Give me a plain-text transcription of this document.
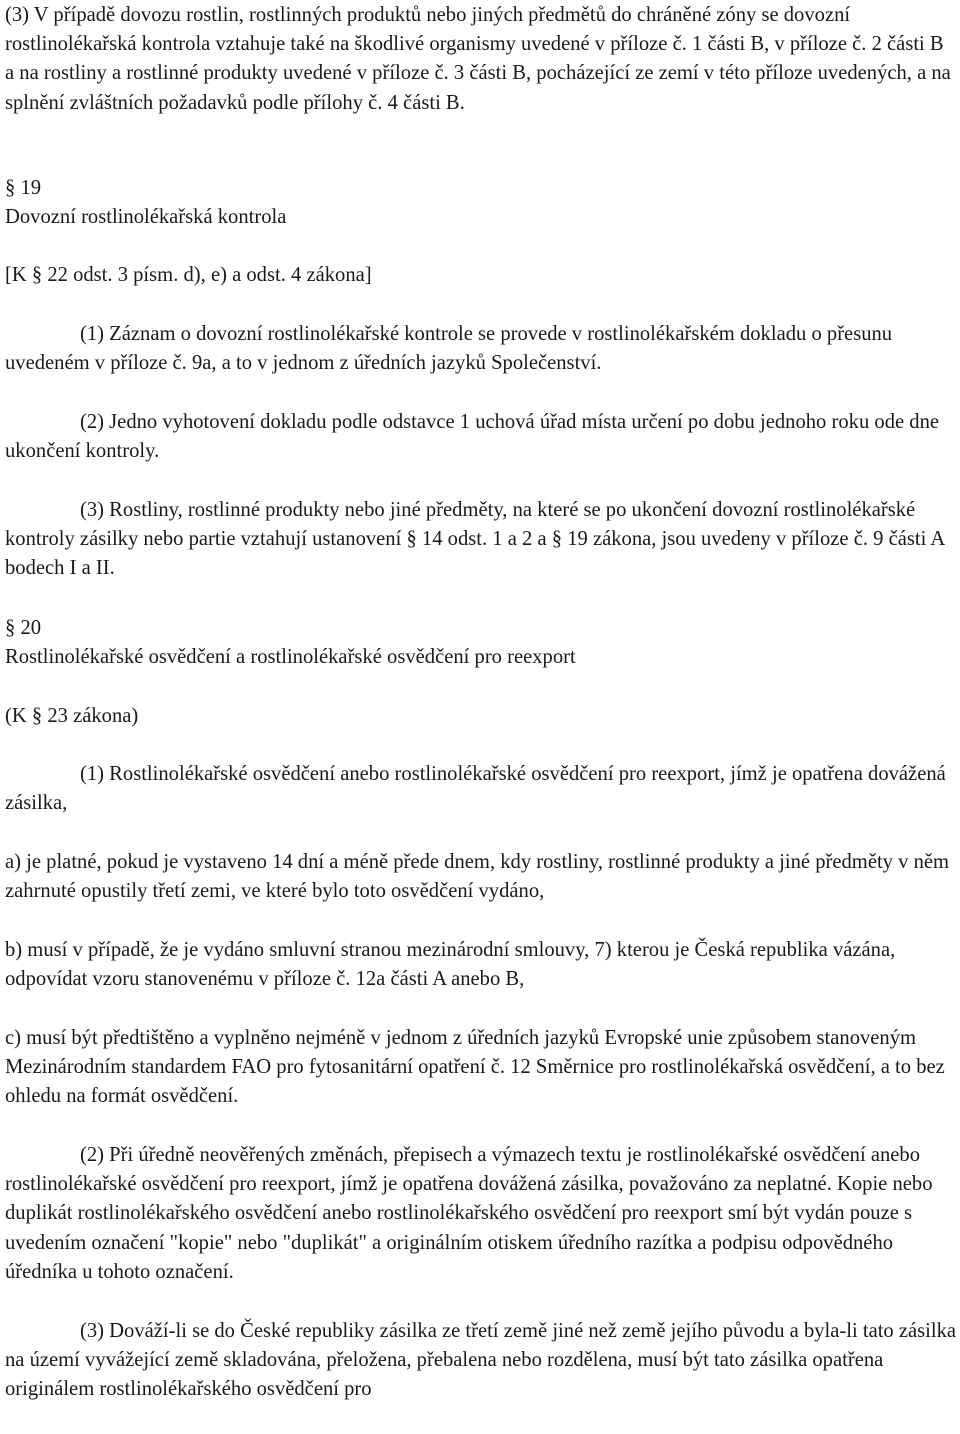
(3) V případě dovozu rostlin, rostlinných produktů nebo jiných předmětů do chráněné zóny se dovozní rostlinolékařská kontrola vztahuje také na škodlivé organismy uvedené v příloze č. 1 části B, v příloze č. 2 části B a na rostliny a rostlinné produkty uvedené v příloze č. 3 části B, pocházející ze zemí v této příloze uvedených, a na splnění zvláštních požadavků podle přílohy č. 4 části B.

§ 19
Dovozní rostlinolékařská kontrola
[K § 22 odst. 3 písm. d), e) a odst. 4 zákona]

(1) Záznam o dovozní rostlinolékařské kontrole se provede v rostlinolékařském dokladu o přesunu uvedeném v příloze č. 9a, a to v jednom z úředních jazyků Společenství.

(2) Jedno vyhotovení dokladu podle odstavce 1 uchová úřad místa určení po dobu jednoho roku ode dne ukončení kontroly.

(3) Rostliny, rostlinné produkty nebo jiné předměty, na které se po ukončení dovozní rostlinolékařské kontroly zásilky nebo partie vztahují ustanovení § 14 odst. 1 a 2 a § 19 zákona, jsou uvedeny v příloze č. 9 části A bodech I a II.

§ 20
Rostlinolékařské osvědčení a rostlinolékařské osvědčení pro reexport
(K § 23 zákona)

(1) Rostlinolékařské osvědčení anebo rostlinolékařské osvědčení pro reexport, jímž je opatřena dovážená zásilka,

a) je platné, pokud je vystaveno 14 dní a méně přede dnem, kdy rostliny, rostlinné produkty a jiné předměty v něm zahrnuté opustily třetí zemi, ve které bylo toto osvědčení vydáno,

b) musí v případě, že je vydáno smluvní stranou mezinárodní smlouvy, 7) kterou je Česká republika vázána, odpovídat vzoru stanovenému v příloze č. 12a části A anebo B,

c) musí být předtištěno a vyplněno nejméně v jednom z úředních jazyků Evropské unie způsobem stanoveným Mezinárodním standardem FAO pro fytosanitární opatření č. 12 Směrnice pro rostlinolékařská osvědčení, a to bez ohledu na formát osvědčení.

(2) Při úředně neověřených změnách, přepisech a výmazech textu je rostlinolékařské osvědčení anebo rostlinolékařské osvědčení pro reexport, jímž je opatřena dovážená zásilka, považováno za neplatné. Kopie nebo duplikát rostlinolékařského osvědčení anebo rostlinolékařského osvědčení pro reexport smí být vydán pouze s uvedením označení "kopie" nebo "duplikát" a originálním otiskem úředního razítka a podpisu odpovědného úředníka u tohoto označení.

(3) Dováží-li se do České republiky zásilka ze třetí země jiné než země jejího původu a byla-li tato zásilka na území vyvážející země skladována, přeložena, přebalena nebo rozdělena, musí být tato zásilka opatřena originálem rostlinolékařského osvědčení pro
